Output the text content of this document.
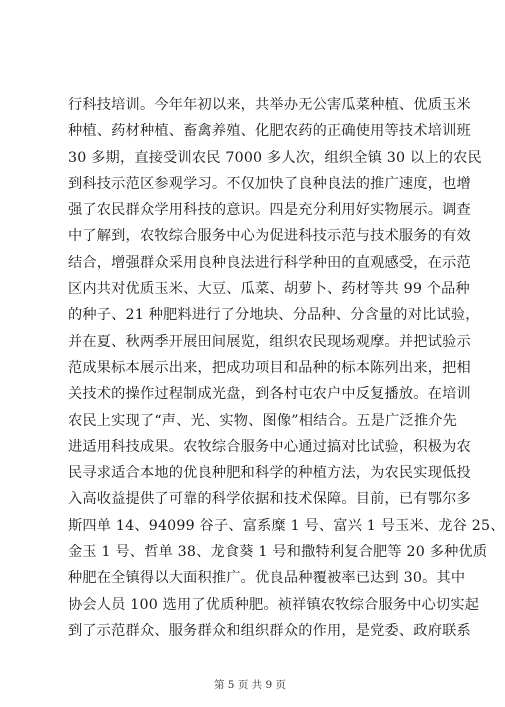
行科技培训。今年年初以来，共举办无公害瓜菜种植、优质玉米
种植、药材种植、畜禽养殖、化肥农药的正确使用等技术培训班
30 多期，直接受训农民 7000 多人次，组织全镇 30 以上的农民
到科技示范区参观学习。不仅加快了良种良法的推广速度，也增
强了农民群众学用科技的意识。四是充分利用好实物展示。调查
中了解到，农牧综合服务中心为促进科技示范与技术服务的有效
结合，增强群众采用良种良法进行科学种田的直观感受，在示范
区内共对优质玉米、大豆、瓜菜、胡萝卜、药材等共 99 个品种
的种子、21 种肥料进行了分地块、分品种、分含量的对比试验，
并在夏、秋两季开展田间展览，组织农民现场观摩。并把试验示
范成果标本展示出来，把成功项目和品种的标本陈列出来，把相
关技术的操作过程制成光盘，到各村屯农户中反复播放。在培训
农民上实现了“声、光、实物、图像”相结合。五是广泛推介先
进适用科技成果。农牧综合服务中心通过搞对比试验，积极为农
民寻求适合本地的优良种肥和科学的种植方法，为农民实现低投
入高收益提供了可靠的科学依据和技术保障。目前，已有鄂尔多
斯四单 14、94099 谷子、富系糜 1 号、富兴 1 号玉米、龙谷 25、
金玉 1 号、哲单 38、龙食葵 1 号和撒特利复合肥等 20 多种优质
种肥在全镇得以大面积推广。优良品种覆被率已达到 30。其中
协会人员 100 选用了优质种肥。祯祥镇农牧综合服务中心切实起
到了示范群众、服务群众和组织群众的作用，是党委、政府联系
第 5 页 共 9 页
